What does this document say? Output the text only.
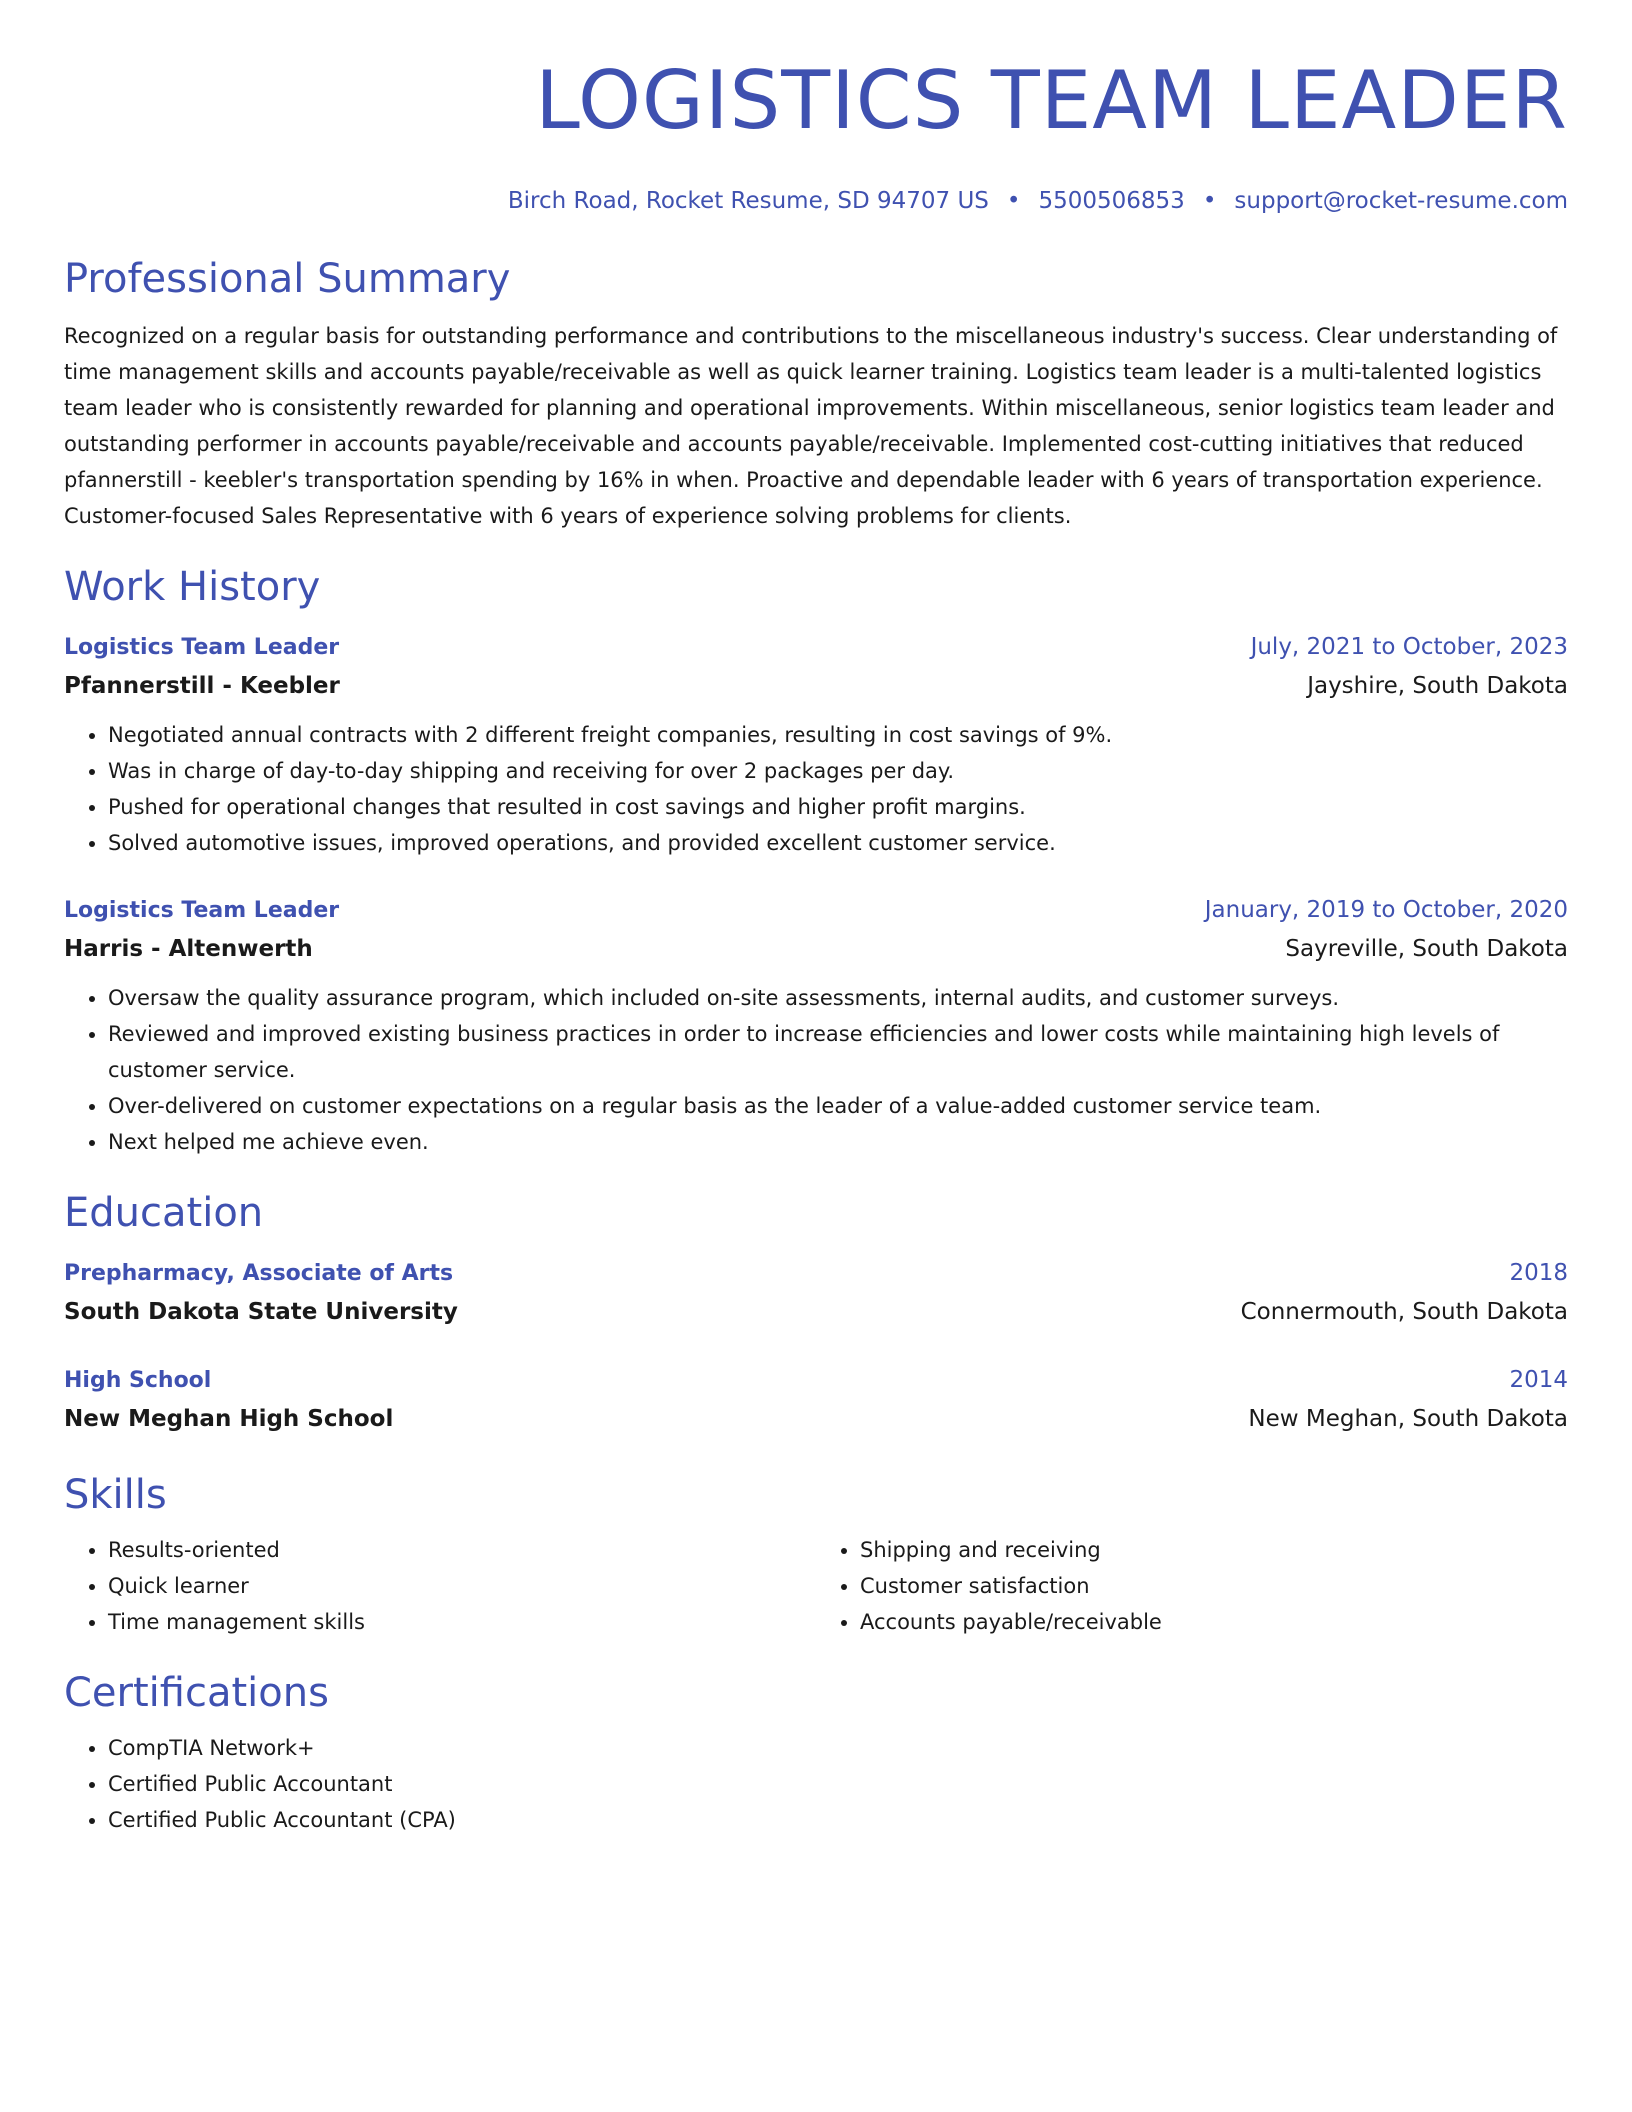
LOGISTICS TEAM LEADER
Birch Road, Rocket Resume, SD 94707 US • 5500506853 • support@rocket-resume.com
Professional Summary

Recognized on a regular basis for outstanding performance and contributions to the miscellaneous industry's success. Clear understanding of time management skills and accounts payable/receivable as well as quick learner training. Logistics team leader is a multi-talented logistics team leader who is consistently rewarded for planning and operational improvements. Within miscellaneous, senior logistics team leader and outstanding performer in accounts payable/receivable and accounts payable/receivable. Implemented cost-cutting initiatives that reduced pfannerstill - keebler's transportation spending by 16% in when. Proactive and dependable leader with 6 years of transportation experience. Customer-focused Sales Representative with 6 years of experience solving problems for clients.

Work History
Logistics Team Leader	July, 2021 to October, 2023
Pfannerstill - Keebler	Jayshire, South Dakota
• Negotiated annual contracts with 2 different freight companies, resulting in cost savings of 9%.
• Was in charge of day-to-day shipping and receiving for over 2 packages per day.
• Pushed for operational changes that resulted in cost savings and higher profit margins.
• Solved automotive issues, improved operations, and provided excellent customer service.
Logistics Team Leader	January, 2019 to October, 2020
Harris - Altenwerth	Sayreville, South Dakota
• Oversaw the quality assurance program, which included on-site assessments, internal audits, and customer surveys.
• Reviewed and improved existing business practices in order to increase efficiencies and lower costs while maintaining high levels of customer service.
• Over-delivered on customer expectations on a regular basis as the leader of a value-added customer service team.
• Next helped me achieve even.
Education
Prepharmacy, Associate of Arts	2018
South Dakota State University	Connermouth, South Dakota
High School	2014
New Meghan High School	New Meghan, South Dakota
Skills
• Results-oriented
• Quick learner
• Time management skills
• Shipping and receiving
• Customer satisfaction
• Accounts payable/receivable
Certifications
• CompTIA Network+
• Certified Public Accountant
• Certified Public Accountant (CPA)
